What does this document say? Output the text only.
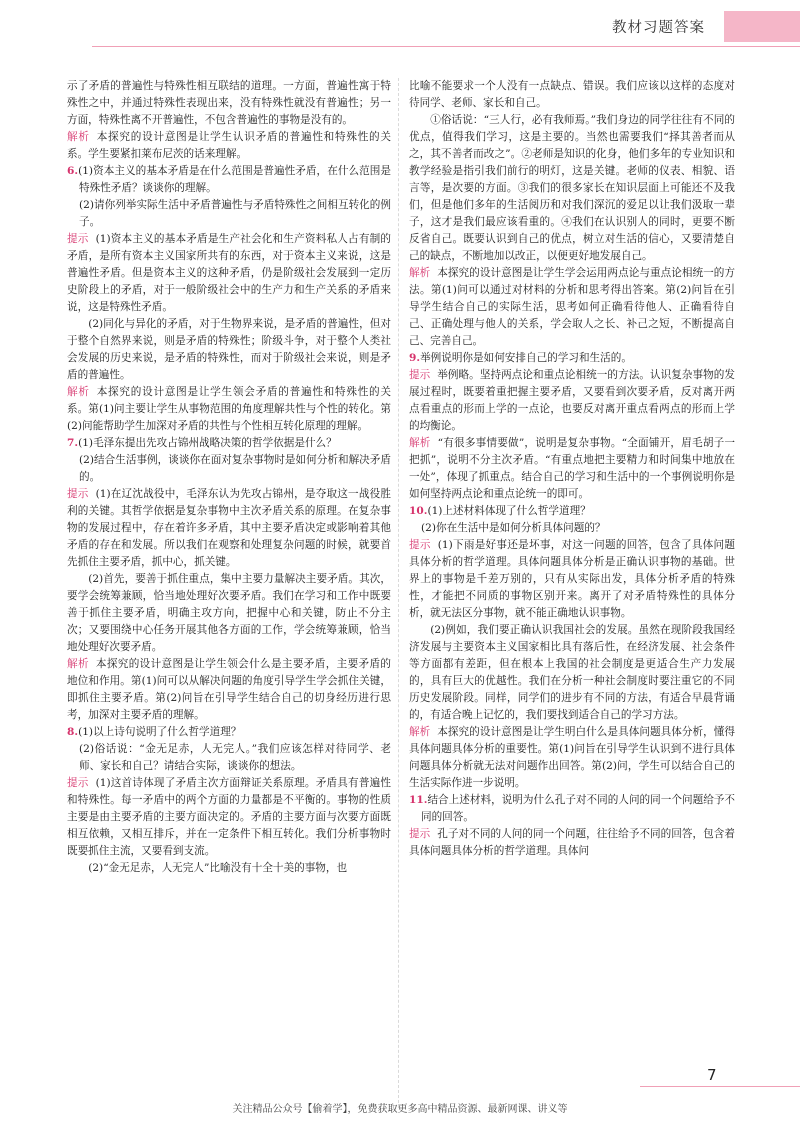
教材习题答案

示了矛盾的普遍性与特殊性相互联结的道理。一方面，普遍性寓于特殊性之中，并通过特殊性表现出来，没有特殊性就没有普遍性；另一方面，特殊性离不开普遍性，不包含普遍性的事物是没有的。

解析 本探究的设计意图是让学生认识矛盾的普遍性和特殊性的关系。学生要紧扣莱布尼茨的话来理解。

6.(1)资本主义的基本矛盾是在什么范围是普遍性矛盾，在什么范围是特殊性矛盾？谈谈你的理解。

(2)请你列举实际生活中矛盾普遍性与矛盾特殊性之间相互转化的例子。

提示 (1)资本主义的基本矛盾是生产社会化和生产资料私人占有制的矛盾，是所有资本主义国家所共有的东西，对于资本主义来说，这是普遍性矛盾。但是资本主义的这种矛盾，仍是阶级社会发展到一定历史阶段上的矛盾，对于一般阶级社会中的生产力和生产关系的矛盾来说，这是特殊性矛盾。

(2)同化与异化的矛盾，对于生物界来说，是矛盾的普遍性，但对于整个自然界来说，则是矛盾的特殊性；阶级斗争，对于整个人类社会发展的历史来说，是矛盾的特殊性，而对于阶级社会来说，则是矛盾的普遍性。

解析 本探究的设计意图是让学生领会矛盾的普遍性和特殊性的关系。第(1)问主要让学生从事物范围的角度理解共性与个性的转化。第(2)问能帮助学生加深对矛盾的共性与个性相互转化原理的理解。

7.(1)毛泽东提出先攻占锦州战略决策的哲学依据是什么？

(2)结合生活事例，谈谈你在面对复杂事物时是如何分析和解决矛盾的。

提示 (1)在辽沈战役中，毛泽东认为先攻占锦州，是夺取这一战役胜利的关键。其哲学依据是复杂事物中主次矛盾关系的原理。在复杂事物的发展过程中，存在着许多矛盾，其中主要矛盾决定或影响着其他矛盾的存在和发展。所以我们在观察和处理复杂问题的时候，就要首先抓住主要矛盾，抓中心，抓关键。

(2)首先，要善于抓住重点，集中主要力量解决主要矛盾。其次，要学会统筹兼顾，恰当地处理好次要矛盾。我们在学习和工作中既要善于抓住主要矛盾，明确主攻方向，把握中心和关键，防止不分主次；又要围绕中心任务开展其他各方面的工作，学会统筹兼顾，恰当地处理好次要矛盾。

解析 本探究的设计意图是让学生领会什么是主要矛盾，主要矛盾的地位和作用。第(1)问可以从解决问题的角度引导学生学会抓住关键，即抓住主要矛盾。第(2)问旨在引导学生结合自己的切身经历进行思考，加深对主要矛盾的理解。

8.(1)以上诗句说明了什么哲学道理？

(2)俗话说：“金无足赤，人无完人。”我们应该怎样对待同学、老师、家长和自己？请结合实际，谈谈你的想法。

提示 (1)这首诗体现了矛盾主次方面辩证关系原理。矛盾具有普遍性和特殊性。每一矛盾中的两个方面的力量都是不平衡的。事物的性质主要是由主要矛盾的主要方面决定的。矛盾的主要方面与次要方面既相互依赖，又相互排斥，并在一定条件下相互转化。我们分析事物时既要抓住主流，又要看到支流。

(2)“金无足赤，人无完人”比喻没有十全十美的事物，也

比喻不能要求一个人没有一点缺点、错误。我们应该以这样的态度对待同学、老师、家长和自己。

①俗话说：“三人行，必有我师焉。”我们身边的同学往往有不同的优点，值得我们学习，这是主要的。当然也需要我们“择其善者而从之，其不善者而改之”。②老师是知识的化身，他们多年的专业知识和教学经验是指引我们前行的明灯，这是关键。老师的仪表、相貌、语言等，是次要的方面。③我们的很多家长在知识层面上可能还不及我们，但是他们多年的生活阅历和对我们深沉的爱足以让我们汲取一辈子，这才是我们最应该看重的。④我们在认识别人的同时，更要不断反省自己。既要认识到自己的优点，树立对生活的信心，又要清楚自己的缺点，不断地加以改正，以便更好地发展自己。

解析 本探究的设计意图是让学生学会运用两点论与重点论相统一的方法。第(1)问可以通过对材料的分析和思考得出答案。第(2)问旨在引导学生结合自己的实际生活，思考如何正确看待他人、正确看待自己、正确处理与他人的关系，学会取人之长、补己之短，不断提高自己、完善自己。

9.举例说明你是如何安排自己的学习和生活的。

提示 举例略。坚持两点论和重点论相统一的方法。认识复杂事物的发展过程时，既要着重把握主要矛盾，又要看到次要矛盾，反对离开两点看重点的形而上学的一点论，也要反对离开重点看两点的形而上学的均衡论。

解析 “有很多事情要做”，说明是复杂事物。“全面铺开，眉毛胡子一把抓”，说明不分主次矛盾。“有重点地把主要精力和时间集中地放在一处”，体现了抓重点。结合自己的学习和生活中的一个事例说明你是如何坚持两点论和重点论统一的即可。

10.(1)上述材料体现了什么哲学道理？

(2)你在生活中是如何分析具体问题的？

提示 (1)下雨是好事还是坏事，对这一问题的回答，包含了具体问题具体分析的哲学道理。具体问题具体分析是正确认识事物的基础。世界上的事物是千差万别的，只有从实际出发，具体分析矛盾的特殊性，才能把不同质的事物区别开来。离开了对矛盾特殊性的具体分析，就无法区分事物，就不能正确地认识事物。

(2)例如，我们要正确认识我国社会的发展。虽然在现阶段我国经济发展与主要资本主义国家相比具有落后性，在经济发展、社会条件等方面都有差距，但在根本上我国的社会制度是更适合生产力发展的，具有巨大的优越性。我们在分析一种社会制度时要注重它的不同历史发展阶段。同样，同学们的进步有不同的方法，有适合早晨背诵的，有适合晚上记忆的，我们要找到适合自己的学习方法。

解析 本探究的设计意图是让学生明白什么是具体问题具体分析，懂得具体问题具体分析的重要性。第(1)问旨在引导学生认识到不进行具体问题具体分析就无法对问题作出回答。第(2)问，学生可以结合自己的生活实际作进一步说明。

11.结合上述材料，说明为什么孔子对不同的人问的同一个问题给予不同的回答。

提示 孔子对不同的人问的同一个问题，往往给予不同的回答，包含着具体问题具体分析的哲学道理。具体问

7
关注精品公众号【偷着学】，免费获取更多高中精品资源、最新网课、讲义等
